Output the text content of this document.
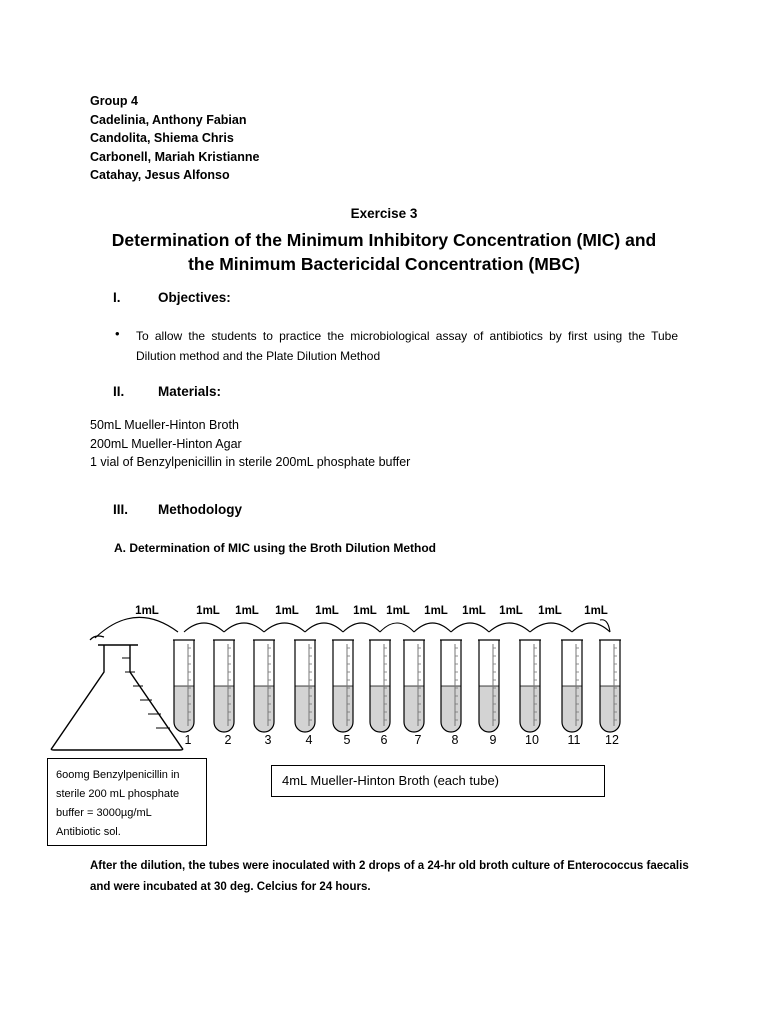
Group 4
Cadelinia, Anthony Fabian
Candolita, Shiema Chris
Carbonell, Mariah Kristianne
Catahay, Jesus Alfonso
Exercise 3
Determination of the Minimum Inhibitory Concentration (MIC) and
the Minimum Bactericidal Concentration (MBC)
I.	Objectives:
• To allow the students to practice the microbiological assay of antibiotics by first using the Tube Dilution method and the Plate Dilution Method
II. Materials:
50mL Mueller-Hinton Broth
200mL Mueller-Hinton Agar
1 vial of Benzylpenicillin in sterile 200mL phosphate buffer
III. Methodology
A. Determination of MIC using the Broth Dilution Method
1mL	1mL 1mL 1mL 1mL 1mL 1mL 1mL 1mL 1mL 1mL 1mL
1	2	3	4 5 6 7 8 9 10 11 12
6oomg Benzylpenicillin in
sterile 200 mL phosphate
buffer = 3000µg/mL
Antibiotic sol.
4mL Mueller-Hinton Broth (each tube)
After the dilution, the tubes were inoculated with 2 drops of a 24-hr old broth culture of Enterococcus faecalis and were incubated at 30 deg. Celcius for 24 hours.
